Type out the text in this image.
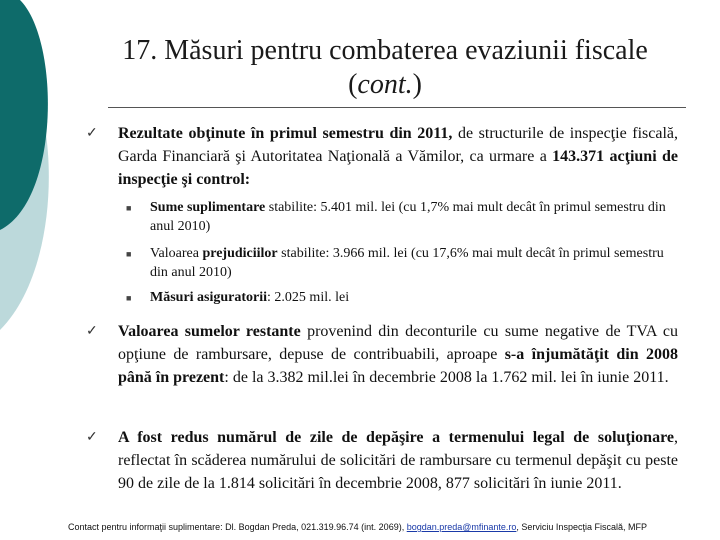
17. Măsuri pentru combaterea evaziunii fiscale (cont.)
✓ Rezultate obţinute în primul semestru din 2011, de structurile de inspecţie fiscală, Garda Financiară şi Autoritatea Naţională a Vămilor, ca urmare a 143.371 acţiuni de inspecţie şi control:
■ Sume suplimentare stabilite: 5.401 mil. lei (cu 1,7% mai mult decât în primul semestru din anul 2010)
■ Valoarea prejudiciilor stabilite: 3.966 mil. lei (cu 17,6% mai mult decât în primul semestru din anul 2010)
■ Măsuri asiguratorii: 2.025 mil. lei
✓ Valoarea sumelor restante provenind din deconturile cu sume negative de TVA cu opţiune de rambursare, depuse de contribuabili, aproape s-a înjumătăţit din 2008 până în prezent: de la 3.382 mil.lei în decembrie 2008 la 1.762 mil. lei în iunie 2011.
✓ A fost redus numărul de zile de depăşire a termenului legal de soluţionare, reflectat în scăderea numărului de solicitări de rambursare cu termenul depăşit cu peste 90 de zile de la 1.814 solicitări în decembrie 2008, 877 solicitări în iunie 2011.
Contact pentru informaţii suplimentare: Dl. Bogdan Preda, 021.319.96.74 (int. 2069), bogdan.preda@mfinante.ro, Serviciu Inspecţia Fiscală, MFP
